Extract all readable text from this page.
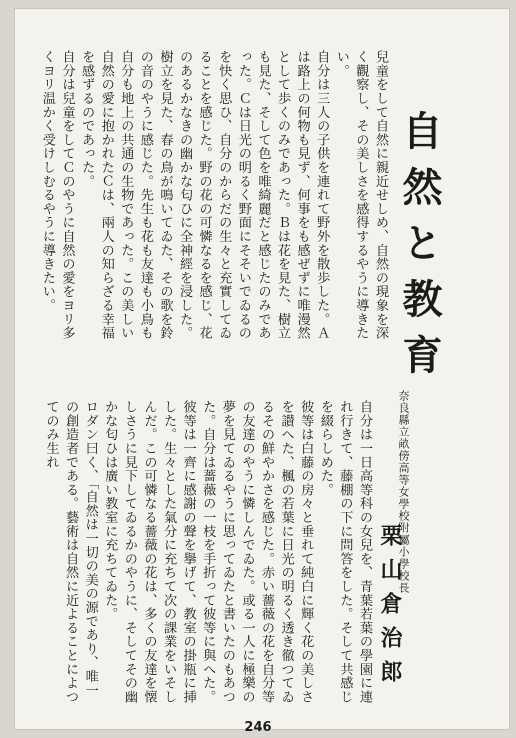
兒童をして自然に親近せしめ、自然の現象を深く觀察し、その美しさを感得するやうに導きたい。

自分は三人の子供を連れて野外を散歩した。Ａは路上の何物も見ず、何事をも感ぜずに唯漫然として歩くのみであった。Ｂは花を見た、樹立も見た、そして色を唯綺麗だと感じたのみであった。Ｃは日光の明るく野面にそそいでゐるのを快く思ひ、自分のからだの生々と充實してゐることを感じた。野の花の可憐なるを感じ、花のあるかなきの幽かな匂ひに全神經を浸した。樹立を見た、春の鳥が鳴いてゐた、その歌を鈴の音のやうに感じた。先生も花も友達も小鳥も自分も地上の共通の生物であった。この美しい自然の愛に抱かれたＣは、兩人の知らざる幸福を感ずるのであった。

自分は兒童をしてＣのやうに自然の愛をヨリ多くヨリ温かく受けしむるやうに導きたい。	自
然
と
教
育
奈良縣立畝傍高等女學校附屬小學校長
栗山倉治郎

自分は一日高等科の女兒を、青葉若葉の學園に連れ行きて、藤棚の下に問答をした。そして共感じを綴らしめた。

彼等は白藤の房々と垂れて純白に輝く花の美しさを讃へた、楓の若葉に日光の明るく透き徹つてゐるその鮮やかさを感じた。赤い薔薇の花を自分等の友達のやうに憐しんでゐた。或る一人に極樂の夢を見てゐるやうに思ってゐたと書いたのもあつた。自分は薔薇の一枝を手折って彼等に與へた。彼等は一齊に感謝の聲を擧げて、教室の掛瓶に挿した。生々とした氣分に充ちて次の課業をいそしんだ。この可憐なる薔薇の花は、多くの友達を懐しさうに見下してゐるかのやうに、そしてその幽かな匂ひは廣い教室に充ちてゐた。

ロダン曰く、「自然は一切の美の源であり、唯一の創造者である。藝術は自然に近よることによつてのみ生れ

246
